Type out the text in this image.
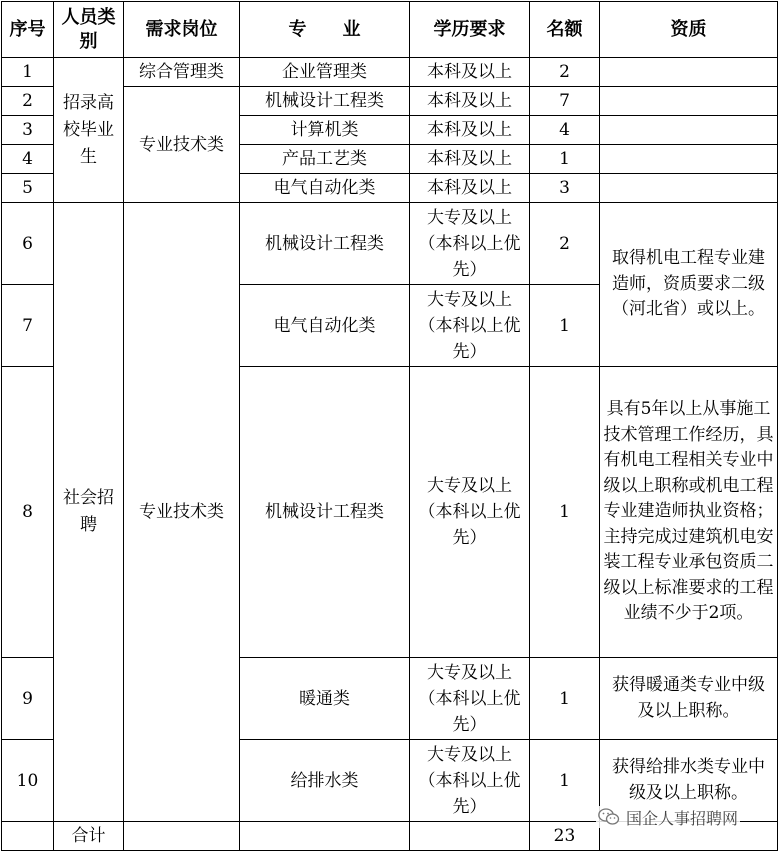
序号	人员类别	需求岗位	专　　业	学历要求	名额	资质
1	招录高校毕业生	综合管理类	企业管理类	本科及以上	2	
2		专业技术类	机械设计工程类	本科及以上	7	
3			计算机类	本科及以上	4	
4			产品工艺类	本科及以上	1	
5			电气自动化类	本科及以上	3	
6	社会招聘	专业技术类	机械设计工程类	大专及以上（本科以上优先）	2	取得机电工程专业建造师，资质要求二级（河北省）或以上。
7			电气自动化类	大专及以上（本科以上优先）	1	
8			机械设计工程类	大专及以上（本科以上优先）	1	具有5年以上从事施工技术管理工作经历，具有机电工程相关专业中级以上职称或机电工程专业建造师执业资格；主持完成过建筑机电安装工程专业承包资质二级以上标准要求的工程业绩不少于2项。
9			暖通类	大专及以上（本科以上优先）	1	获得暖通类专业中级及以上职称。
10			给排水类	大专及以上（本科以上优先）	1	获得给排水类专业中级及以上职称。
	合计				23	
国企人事招聘网
